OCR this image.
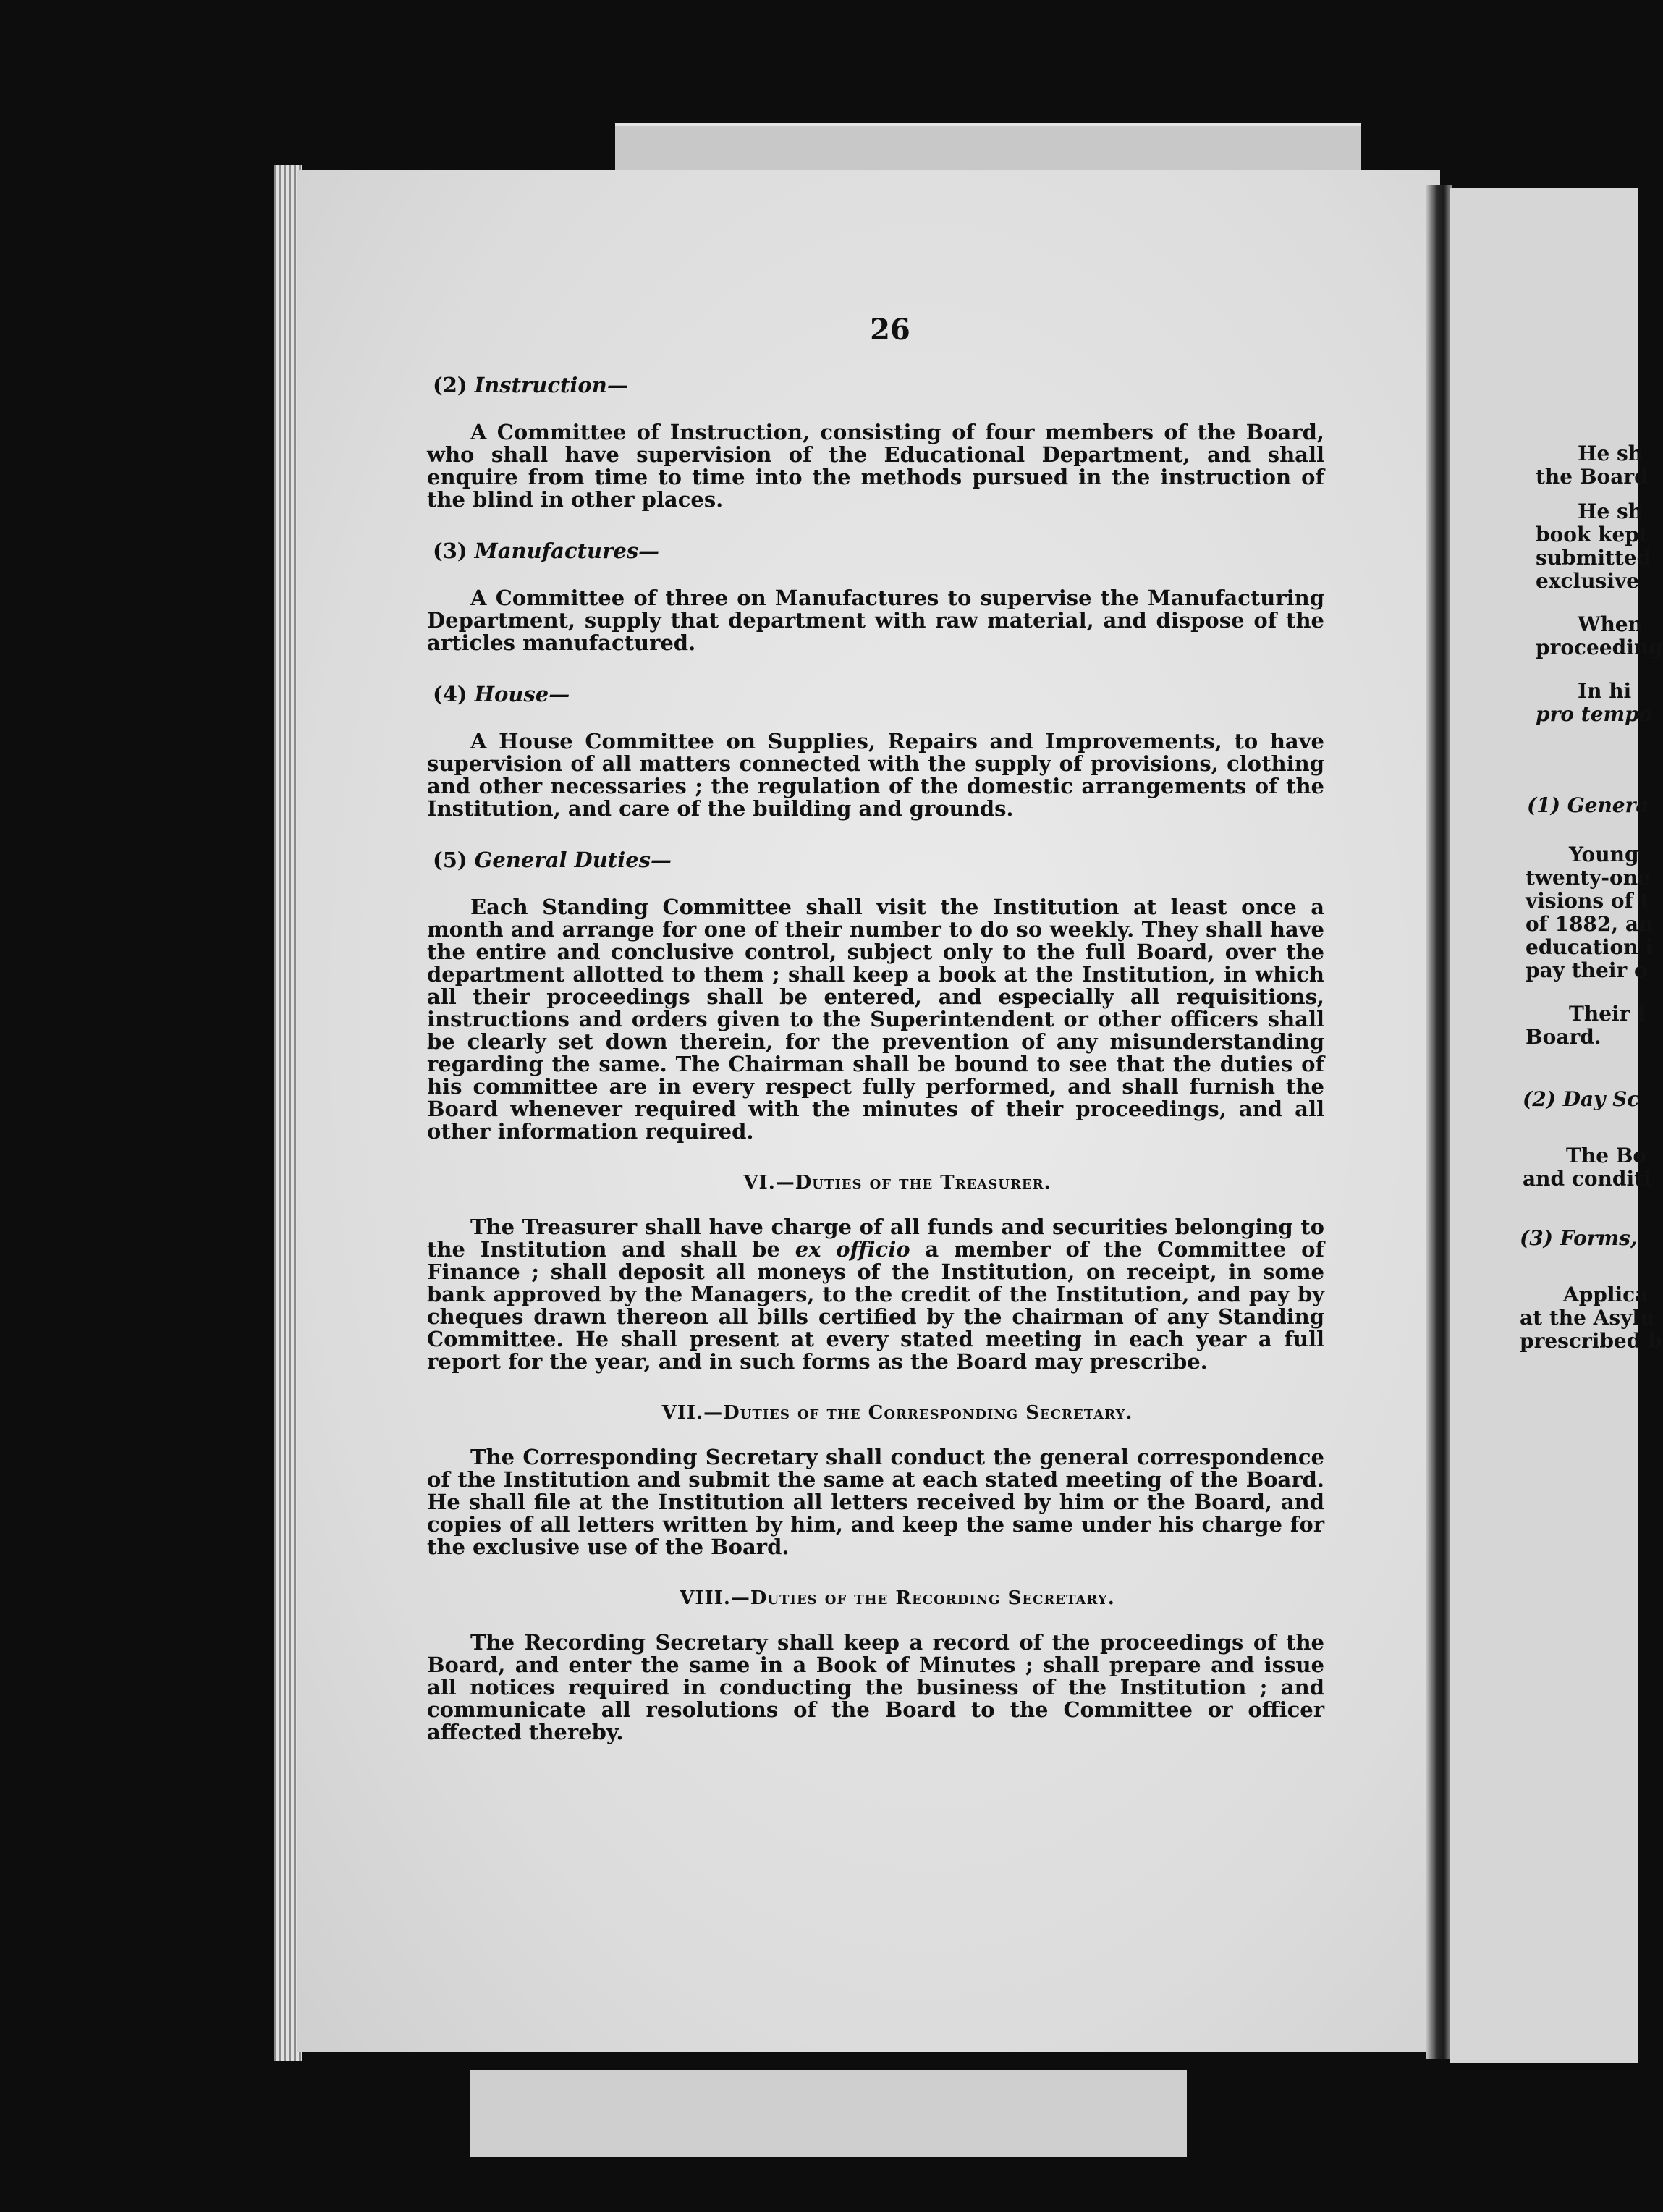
He sh
the Board
He sh
book kept
submitted
exclusive
When
proceeding
In hi
pro tempo
(1) Genera
Young
twenty-one
visions of t
of 1882, an
education i
pay their o
Their f
Board.
(2) Day Sc
The Bo
and conditi
(3) Forms,
Applica
at the Asylu
prescribed b
26
(2) Instruction—

A Committee of Instruction, consisting of four members of the Board, who shall have supervision of the Educational Department, and shall enquire from time to time into the methods pursued in the instruction of the blind in other places.

(3) Manufactures—

A Committee of three on Manufactures to supervise the Manufacturing Department, supply that department with raw material, and dispose of the articles manufactured.

(4) House—

A House Committee on Supplies, Repairs and Improvements, to have supervision of all matters connected with the supply of provisions, clothing and other necessaries ; the regulation of the domestic arrangements of the Institution, and care of the building and grounds.

(5) General Duties—

Each Standing Committee shall visit the Institution at least once a month and arrange for one of their number to do so weekly. They shall have the entire and conclusive control, subject only to the full Board, over the department allotted to them ; shall keep a book at the Institution, in which all their proceedings shall be entered, and especially all requisitions, instructions and orders given to the Superintendent or other officers shall be clearly set down therein, for the prevention of any misunderstanding regarding the same. The Chairman shall be bound to see that the duties of his committee are in every respect fully performed, and shall furnish the Board whenever required with the minutes of their proceedings, and all other information required.

VI.—Duties of the Treasurer.

The Treasurer shall have charge of all funds and securities belonging to the Institution and shall be ex officio a member of the Committee of Finance ; shall deposit all moneys of the Institution, on receipt, in some bank approved by the Managers, to the credit of the Institution, and pay by cheques drawn thereon all bills certified by the chairman of any Standing Committee. He shall present at every stated meeting in each year a full report for the year, and in such forms as the Board may prescribe.

VII.—Duties of the Corresponding Secretary.

The Corresponding Secretary shall conduct the general correspondence of the Institution and submit the same at each stated meeting of the Board. He shall file at the Institution all letters received by him or the Board, and copies of all letters written by him, and keep the same under his charge for the exclusive use of the Board.

VIII.—Duties of the Recording Secretary.

The Recording Secretary shall keep a record of the proceedings of the Board, and enter the same in a Book of Minutes ; shall prepare and issue all notices required in conducting the business of the Institution ; and communicate all resolutions of the Board to the Committee or officer affected thereby.
